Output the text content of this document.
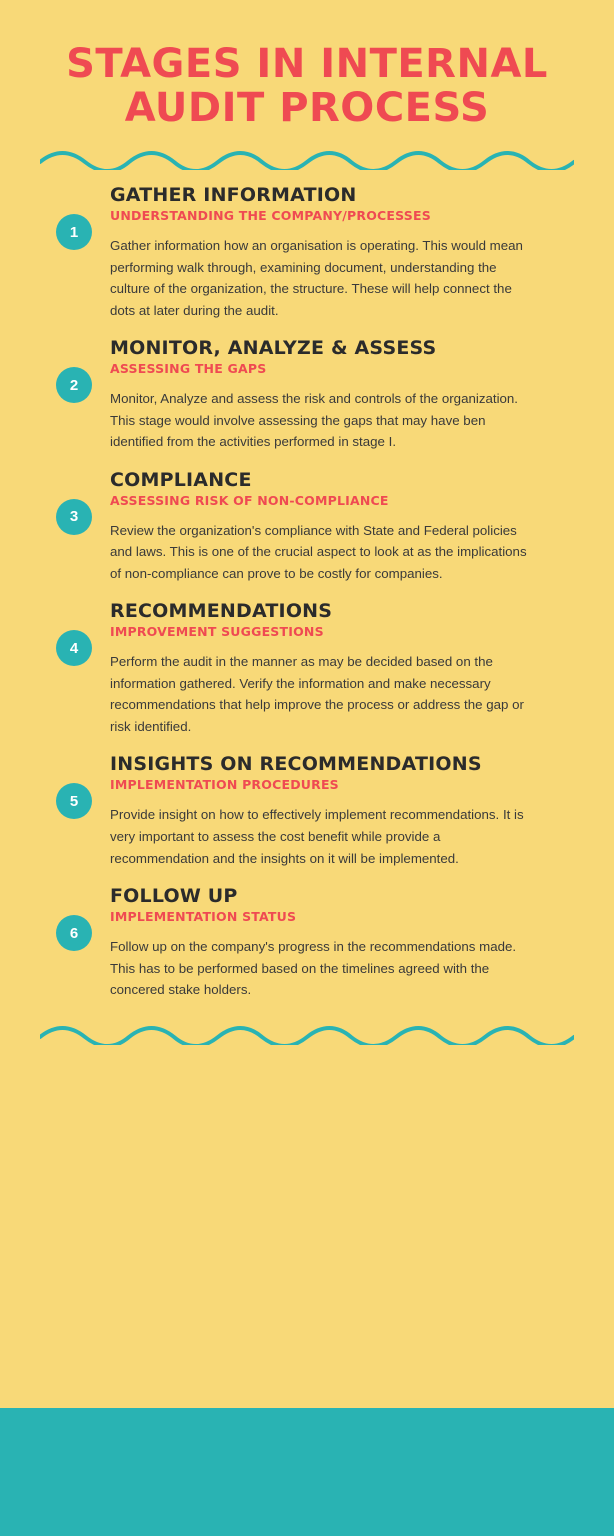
STAGES IN INTERNAL AUDIT PROCESS
1
GATHER INFORMATION
UNDERSTANDING THE COMPANY/PROCESSES

Gather information how an organisation is operating. This would mean performing walk through, examining document, understanding the culture of the organization, the structure. These will help connect the dots at later during the audit.

2
MONITOR, ANALYZE & ASSESS
ASSESSING THE GAPS

Monitor, Analyze and assess the risk and controls of the organization. This stage would involve assessing the gaps that may have ben identified from the activities performed in stage I.

3
COMPLIANCE
ASSESSING RISK OF NON-COMPLIANCE

Review the organization's compliance with State and Federal policies and laws. This is one of the crucial aspect to look at as the implications of non-compliance can prove to be costly for companies.

4
RECOMMENDATIONS
IMPROVEMENT SUGGESTIONS

Perform the audit in the manner as may be decided based on the information gathered. Verify the information and make necessary recommendations that help improve the process or address the gap or risk identified.

5
INSIGHTS ON RECOMMENDATIONS
IMPLEMENTATION PROCEDURES

Provide insight on how to effectively implement recommendations. It is very important to assess the cost benefit while provide a recommendation and the insights on it will be implemented.

6
FOLLOW UP
IMPLEMENTATION STATUS

Follow up on the company's progress in the recommendations made. This has to be performed based on the timelines agreed with the concered stake holders.
